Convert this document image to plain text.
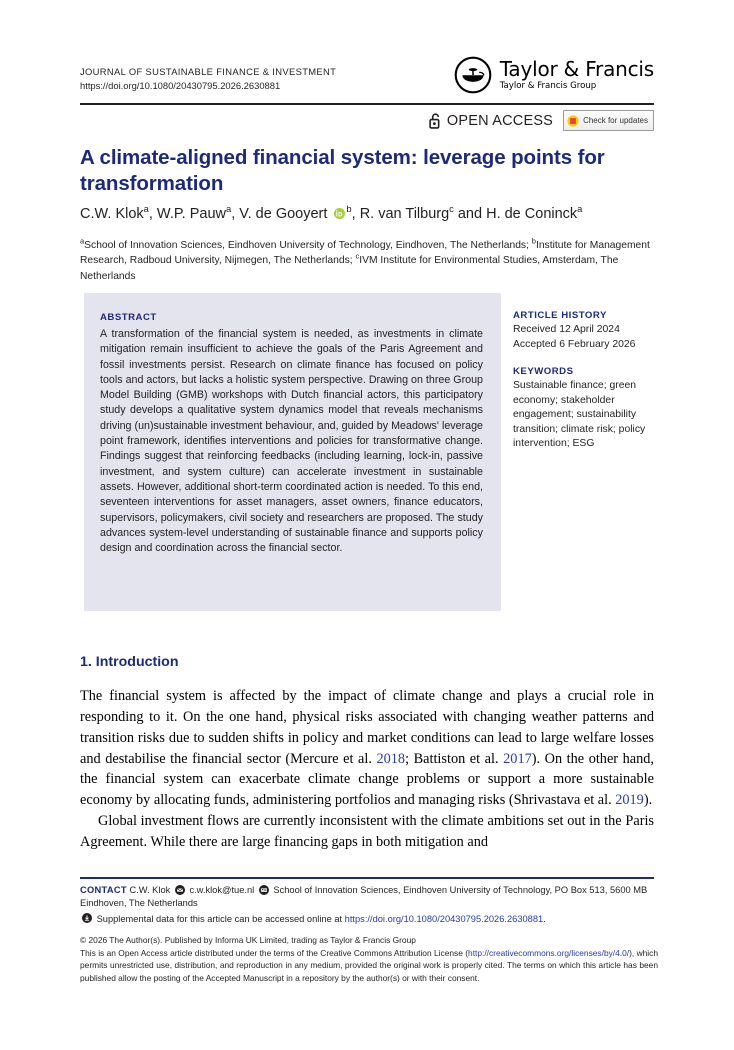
JOURNAL OF SUSTAINABLE FINANCE & INVESTMENT
https://doi.org/10.1080/20430795.2026.2630881
Taylor & Francis
Taylor & Francis Group
OPEN ACCESS	Check for updates
A climate-aligned financial system: leverage points for transformation
C.W. Klok$^a$, W.P. Pauw$^a$, V. de Gooyert $^b$, R. van Tilburg$^c$ and H. de Coninck$^a$
$^a$School of Innovation Sciences, Eindhoven University of Technology, Eindhoven, The Netherlands; $^b$Institute for Management Research, Radboud University, Nijmegen, The Netherlands; $^c$IVM Institute for Environmental Studies, Amsterdam, The Netherlands
ABSTRACT
A transformation of the financial system is needed, as investments in climate mitigation remain insufficient to achieve the goals of the Paris Agreement and fossil investments persist. Research on climate finance has focused on policy tools and actors, but lacks a holistic system perspective. Drawing on three Group Model Building (GMB) workshops with Dutch financial actors, this participatory study develops a qualitative system dynamics model that reveals mechanisms driving (un)sustainable investment behaviour, and, guided by Meadows' leverage point framework, identifies interventions and policies for transformative change. Findings suggest that reinforcing feedbacks (including learning, lock-in, passive investment, and system culture) can accelerate investment in sustainable assets. However, additional short-term coordinated action is needed. To this end, seventeen interventions for asset managers, asset owners, finance educators, supervisors, policymakers, civil society and researchers are proposed. The study advances system-level understanding of sustainable finance and supports policy design and coordination across the financial sector.
ARTICLE HISTORY
Received 12 April 2024
Accepted 6 February 2026
KEYWORDS
Sustainable finance; green economy; stakeholder engagement; sustainability transition; climate risk; policy intervention; ESG
1. Introduction

The financial system is affected by the impact of climate change and plays a crucial role in responding to it. On the one hand, physical risks associated with changing weather patterns and transition risks due to sudden shifts in policy and market conditions can lead to large welfare losses and destabilise the financial sector (Mercure et al. 2018; Battiston et al. 2017). On the other hand, the financial system can exacerbate climate change problems or support a more sustainable economy by allocating funds, administering portfolios and managing risks (Shrivastava et al. 2019).

Global investment flows are currently inconsistent with the climate ambitions set out in the Paris Agreement. While there are large financing gaps in both mitigation and

CONTACT C.W. Klok c.w.klok@tue.nl School of Innovation Sciences, Eindhoven University of Technology, PO Box 513, 5600 MB Eindhoven, The Netherlands
Supplemental data for this article can be accessed online at https://doi.org/10.1080/20430795.2026.2630881.
© 2026 The Author(s). Published by Informa UK Limited, trading as Taylor & Francis Group
This is an Open Access article distributed under the terms of the Creative Commons Attribution License (http://creativecommons.org/licenses/by/4.0/), which permits unrestricted use, distribution, and reproduction in any medium, provided the original work is properly cited. The terms on which this article has been published allow the posting of the Accepted Manuscript in a repository by the author(s) or with their consent.
